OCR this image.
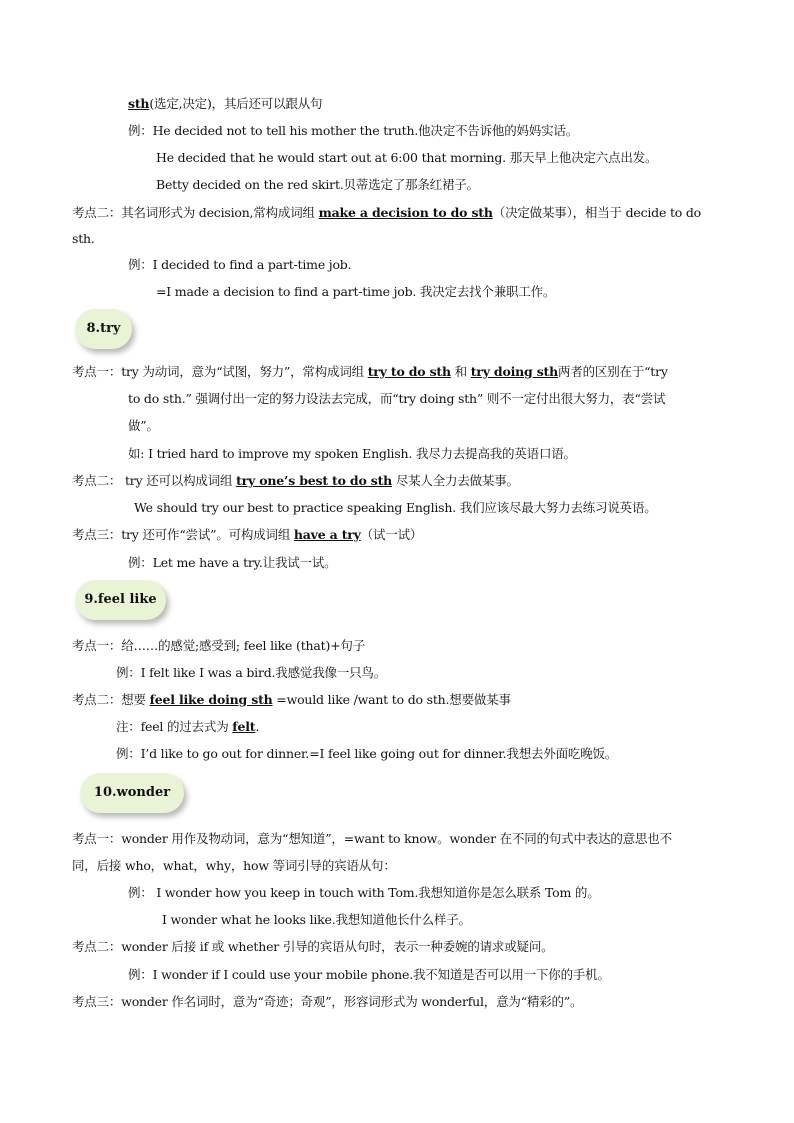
sth(选定,决定)，其后还可以跟从句
例：He decided not to tell his mother the truth.他决定不告诉他的妈妈实话。
He decided that he would start out at 6:00 that morning. 那天早上他决定六点出发。
Betty decided on the red skirt.贝蒂选定了那条红裙子。
考点二：其名词形式为 decision,常构成词组 make a decision to do sth（决定做某事），相当于 decide to do
sth.
例：I decided to find a part-time job.
=I made a decision to find a part-time job. 我决定去找个兼职工作。
8.try
考点一：try 为动词，意为“试图，努力”，常构成词组 try to do sth 和 try doing sth两者的区别在于“try
to do sth.” 强调付出一定的努力设法去完成，而“try doing sth” 则不一定付出很大努力，表“尝试
做”。
如: I tried hard to improve my spoken English. 我尽力去提高我的英语口语。
考点二： try 还可以构成词组 try one’s best to do sth 尽某人全力去做某事。
We should try our best to practice speaking English. 我们应该尽最大努力去练习说英语。
考点三：try 还可作“尝试”。可构成词组 have a try（试一试）
例：Let me have a try.让我试一试。
9.feel like
考点一：给……的感觉;感受到; feel like (that)+句子
例：I felt like I was a bird.我感觉我像一只鸟。
考点二：想要 feel like doing sth =would like /want to do sth.想要做某事
注：feel 的过去式为 felt.
例：I’d like to go out for dinner.=I feel like going out for dinner.我想去外面吃晚饭。
10.wonder
考点一：wonder 用作及物动词，意为“想知道”，=want to know。wonder 在不同的句式中表达的意思也不
同，后接 who，what，why，how 等词引导的宾语从句：
例： I wonder how you keep in touch with Tom.我想知道你是怎么联系 Tom 的。
I wonder what he looks like.我想知道他长什么样子。
考点二：wonder 后接 if 或 whether 引导的宾语从句时，表示一种委婉的请求或疑问。
例：I wonder if I could use your mobile phone.我不知道是否可以用一下你的手机。
考点三：wonder 作名词时，意为“奇迹；奇观”，形容词形式为 wonderful，意为“精彩的”。
